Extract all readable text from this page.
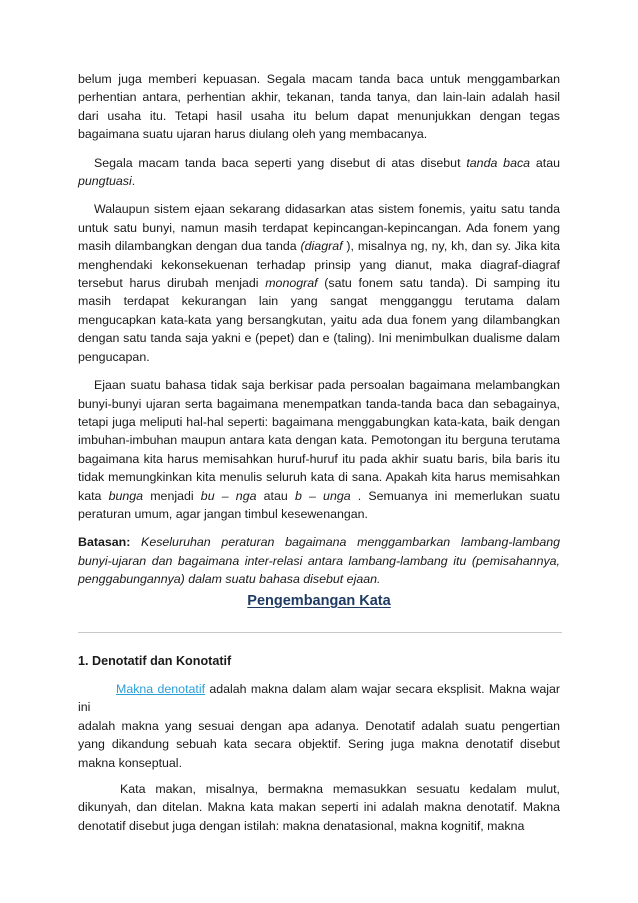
belum juga memberi kepuasan. Segala macam tanda baca untuk menggambarkan perhentian antara, perhentian akhir, tekanan, tanda tanya, dan lain-lain adalah hasil dari usaha itu. Tetapi hasil usaha itu belum dapat menunjukkan dengan tegas bagaimana suatu ujaran harus diulang oleh yang membacanya.

Segala macam tanda baca seperti yang disebut di atas disebut tanda baca atau pungtuasi.

Walaupun sistem ejaan sekarang didasarkan atas sistem fonemis, yaitu satu tanda untuk satu bunyi, namun masih terdapat kepincangan-kepincangan. Ada fonem yang masih dilambangkan dengan dua tanda (diagraf ), misalnya ng, ny, kh, dan sy. Jika kita menghendaki kekonsekuenan terhadap prinsip yang dianut, maka diagraf-diagraf tersebut harus dirubah menjadi monograf (satu fonem satu tanda). Di samping itu masih terdapat kekurangan lain yang sangat mengganggu terutama dalam mengucapkan kata-kata yang bersangkutan, yaitu ada dua fonem yang dilambangkan dengan satu tanda saja yakni e (pepet) dan e (taling). Ini menimbulkan dualisme dalam pengucapan.

Ejaan suatu bahasa tidak saja berkisar pada persoalan bagaimana melambangkan bunyi-bunyi ujaran serta bagaimana menempatkan tanda-tanda baca dan sebagainya, tetapi juga meliputi hal-hal seperti: bagaimana menggabungkan kata-kata, baik dengan imbuhan-imbuhan maupun antara kata dengan kata. Pemotongan itu berguna terutama bagaimana kita harus memisahkan huruf-huruf itu pada akhir suatu baris, bila baris itu tidak memungkinkan kita menulis seluruh kata di sana. Apakah kita harus memisahkan kata bunga menjadi bu – nga atau b – unga . Semuanya ini memerlukan suatu peraturan umum, agar jangan timbul kesewenangan.

Batasan: Keseluruhan peraturan bagaimana menggambarkan lambang-lambang bunyi-ujaran dan bagaimana inter-relasi antara lambang-lambang itu (pemisahannya, penggabungannya) dalam suatu bahasa disebut ejaan.

Pengembangan Kata
1. Denotatif dan Konotatif

Makna denotatif adalah makna dalam alam wajar secara eksplisit. Makna wajar ini
adalah makna yang sesuai dengan apa adanya. Denotatif adalah suatu pengertian yang dikandung sebuah kata secara objektif. Sering juga makna denotatif disebut makna konseptual.

Kata makan, misalnya, bermakna memasukkan sesuatu kedalam mulut, dikunyah, dan ditelan. Makna kata makan seperti ini adalah makna denotatif. Makna denotatif disebut juga dengan istilah: makna denatasional, makna kognitif, makna
